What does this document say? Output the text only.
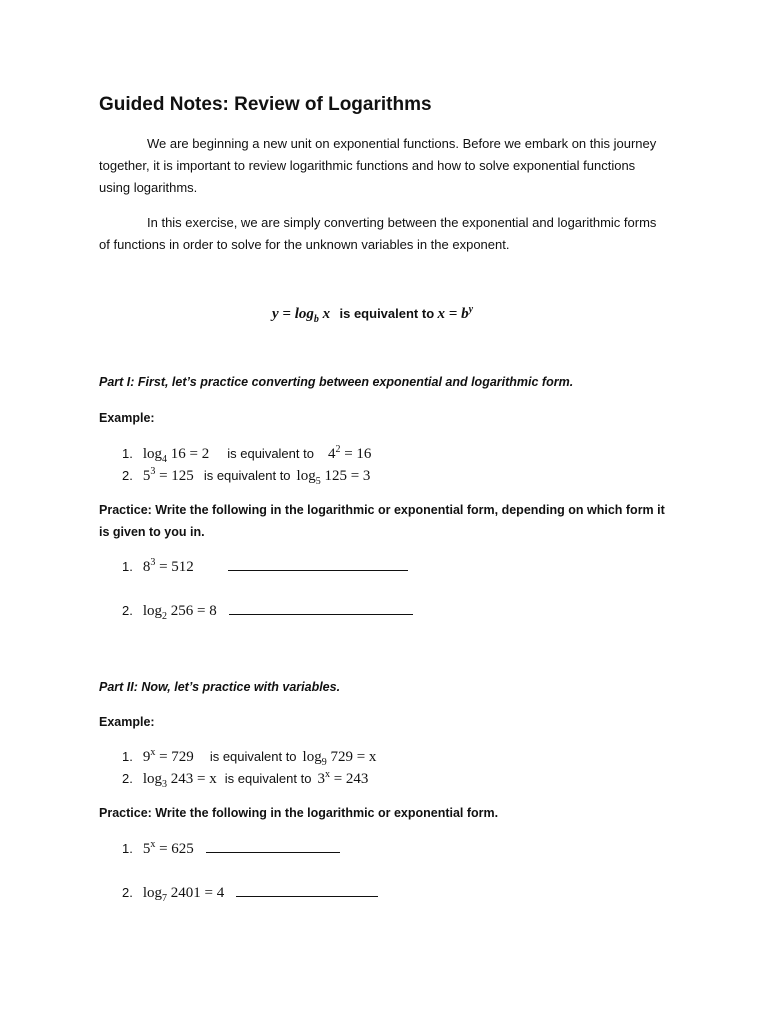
Guided Notes: Review of Logarithms

We are beginning a new unit on exponential functions. Before we embark on this journey together, it is important to review logarithmic functions and how to solve exponential functions using logarithms.

In this exercise, we are simply converting between the exponential and logarithmic forms of functions in order to solve for the unknown variables in the exponent.

$y = \log_b x$ is equivalent to $x = b^y$
Part I: First, let’s practice converting between exponential and logarithmic form.
Example:
1. $\log_4 16 = 2$ is equivalent to $4^2 = 16$
2. $5^3 = 125$ is equivalent to $\log_5 125 = 3$

Practice: Write the following in the logarithmic or exponential form, depending on which form it is given to you in.

1. $8^3 = 512$
2. $\log_2 256 = 8$
Part II: Now, let’s practice with variables.
Example:
1. $9^x = 729$ is equivalent to $\log_9 729 = x$
2. $\log_3 243 = x$ is equivalent to $3^x = 243$
Practice: Write the following in the logarithmic or exponential form.
1. $5^x = 625$
2. $\log_7 2401 = 4$
